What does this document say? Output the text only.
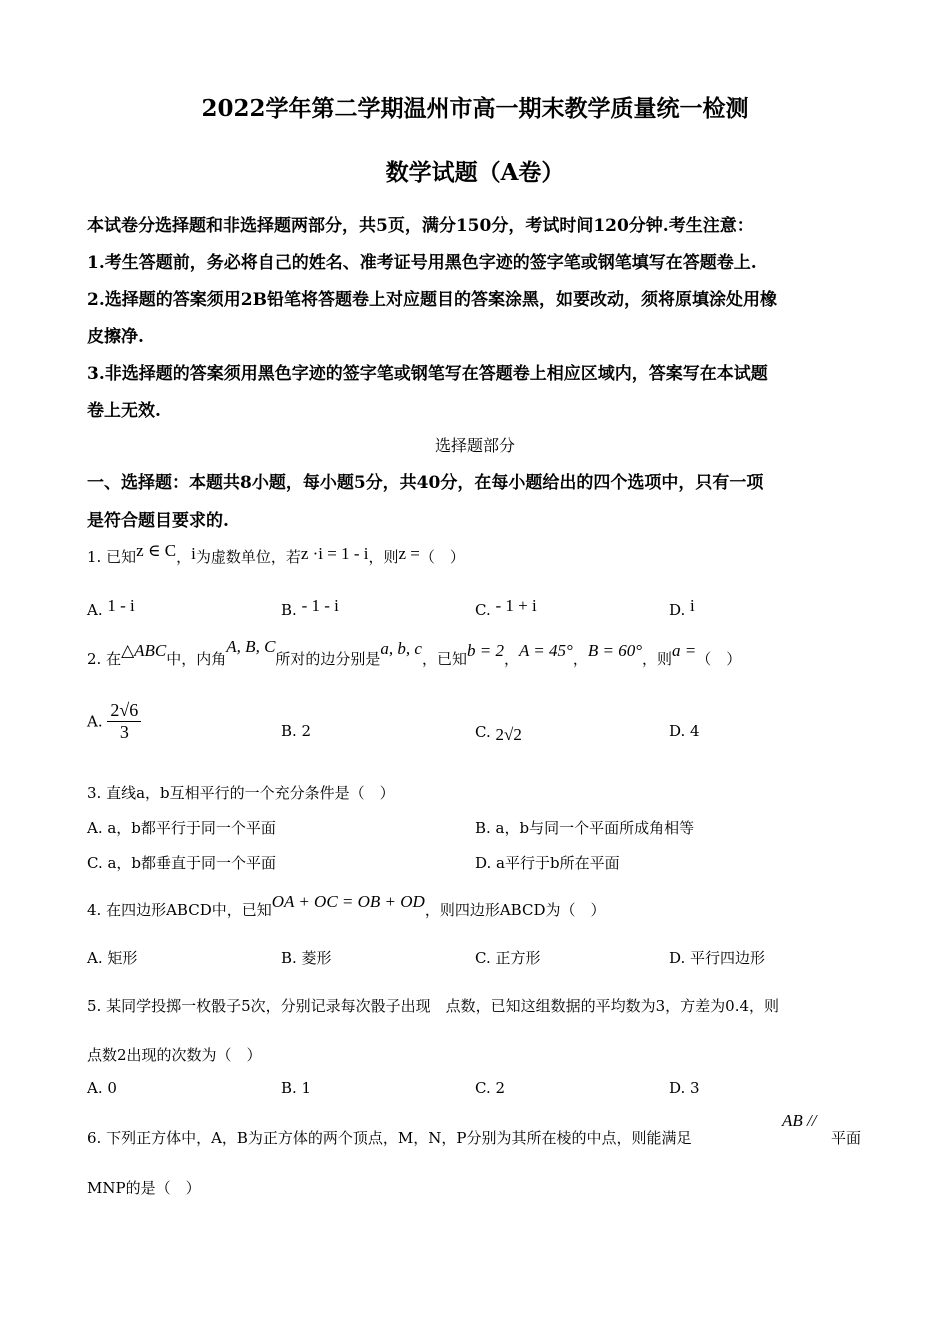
2022学年第二学期温州市高一期末教学质量统一检测
数学试题（A卷）
本试卷分选择题和非选择题两部分，共5页，满分150分，考试时间120分钟.考生注意：
1.考生答题前，务必将自己的姓名、准考证号用黑色字迹的签字笔或钢笔填写在答题卷上.
2.选择题的答案须用2B铅笔将答题卷上对应题目的答案涂黑，如要改动，须将原填涂处用橡
皮擦净.
3.非选择题的答案须用黑色字迹的签字笔或钢笔写在答题卷上相应区域内，答案写在本试题
卷上无效.
选择题部分
一、选择题：本题共8小题，每小题5分，共40分，在每小题给出的四个选项中，只有一项
是符合题目要求的.
1. 已知z ∈ C，i为虚数单位，若z ·i = 1 - i，则z =（　）
A. 1 - i	B. - 1 - i	C. - 1 + i	D. i
2. 在△ABC中，内角A, B, C所对的边分别是a, b, c，已知b = 2，A = 45°，B = 60°，则a =（　）
A. $\frac{2√6}{3}$	B. 2	C. 2√2	D. 4
3. 直线a，b互相平行的一个充分条件是（　）
A. a，b都平行于同一个平面	B. a，b与同一个平面所成角相等
C. a，b都垂直于同一个平面	D. a平行于b所在平面
4. 在四边形ABCD中，已知OA + OC = OB + OD，则四边形ABCD为（　）
A. 矩形	B. 菱形	C. 正方形	D. 平行四边形
5. 某同学投掷一枚骰子5次，分别记录每次骰子出现　点数，已知这组数据的平均数为3，方差为0.4，则
点数2出现的次数为（　）
A. 0	B. 1	C. 2	D. 3
6. 下列正方体中，A，B为正方体的两个顶点，M，N，P分别为其所在棱的中点，则能满足
AB //
平面
MNP的是（　）
